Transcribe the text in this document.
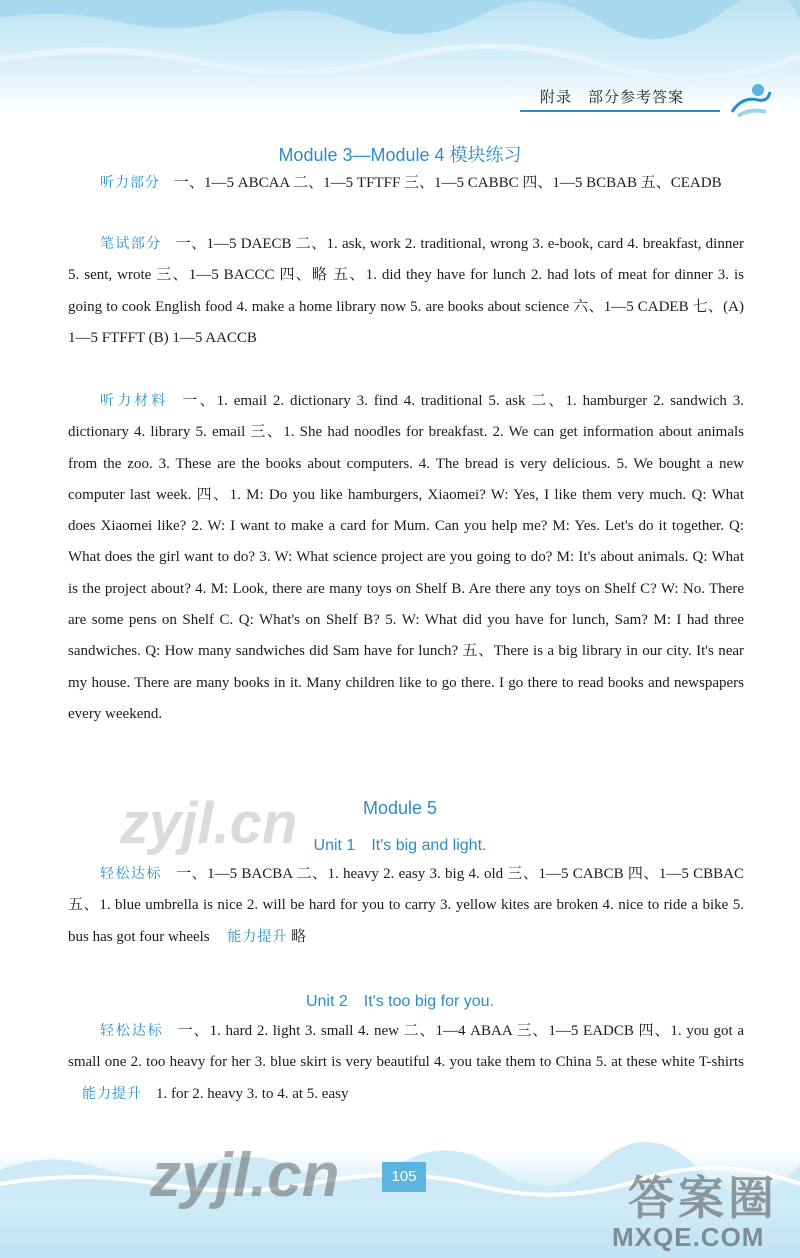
附录　部分参考答案
Module 3—Module 4 模块练习
听力部分 一、1—5 ABCAA 二、1—5 TFTFF 三、1—5 CABBC 四、1—5 BCBAB 五、CEADB
笔试部分 一、1—5 DAECB 二、1. ask, work 2. traditional, wrong 3. e-book, card 4. breakfast, dinner 5. sent, wrote 三、1—5 BACCC 四、略 五、1. did they have for lunch 2. had lots of meat for dinner 3. is going to cook English food 4. make a home library now 5. are books about science 六、1—5 CADEB 七、(A) 1—5 FTFFT (B) 1—5 AACCB
听力材料 一、1. email 2. dictionary 3. find 4. traditional 5. ask 二、1. hamburger 2. sandwich 3. dictionary 4. library 5. email 三、1. She had noodles for breakfast. 2. We can get information about animals from the zoo. 3. These are the books about computers. 4. The bread is very delicious. 5. We bought a new computer last week. 四、1. M: Do you like hamburgers, Xiaomei? W: Yes, I like them very much. Q: What does Xiaomei like? 2. W: I want to make a card for Mum. Can you help me? M: Yes. Let's do it together. Q: What does the girl want to do? 3. W: What science project are you going to do? M: It's about animals. Q: What is the project about? 4. M: Look, there are many toys on Shelf B. Are there any toys on Shelf C? W: No. There are some pens on Shelf C. Q: What's on Shelf B? 5. W: What did you have for lunch, Sam? M: I had three sandwiches. Q: How many sandwiches did Sam have for lunch? 五、There is a big library in our city. It's near my house. There are many books in it. Many children like to go there. I go there to read books and newspapers every weekend.
Module 5
Unit 1　It's big and light.
轻松达标 一、1—5 BACBA 二、1. heavy 2. easy 3. big 4. old 三、1—5 CABCB 四、1—5 CBBAC 五、1. blue umbrella is nice 2. will be hard for you to carry 3. yellow kites are broken 4. nice to ride a bike 5. bus has got four wheels 能力提升 略
Unit 2　It's too big for you.
轻松达标 一、1. hard 2. light 3. small 4. new 二、1—4 ABAA 三、1—5 EADCB 四、1. you got a small one 2. too heavy for her 3. blue skirt is very beautiful 4. you take them to China 5. at these white T-shirts 能力提升 1. for 2. heavy 3. to 4. at 5. easy
zyjl.cn
105
zyjl.cn	答案圈
MXQE.COM
